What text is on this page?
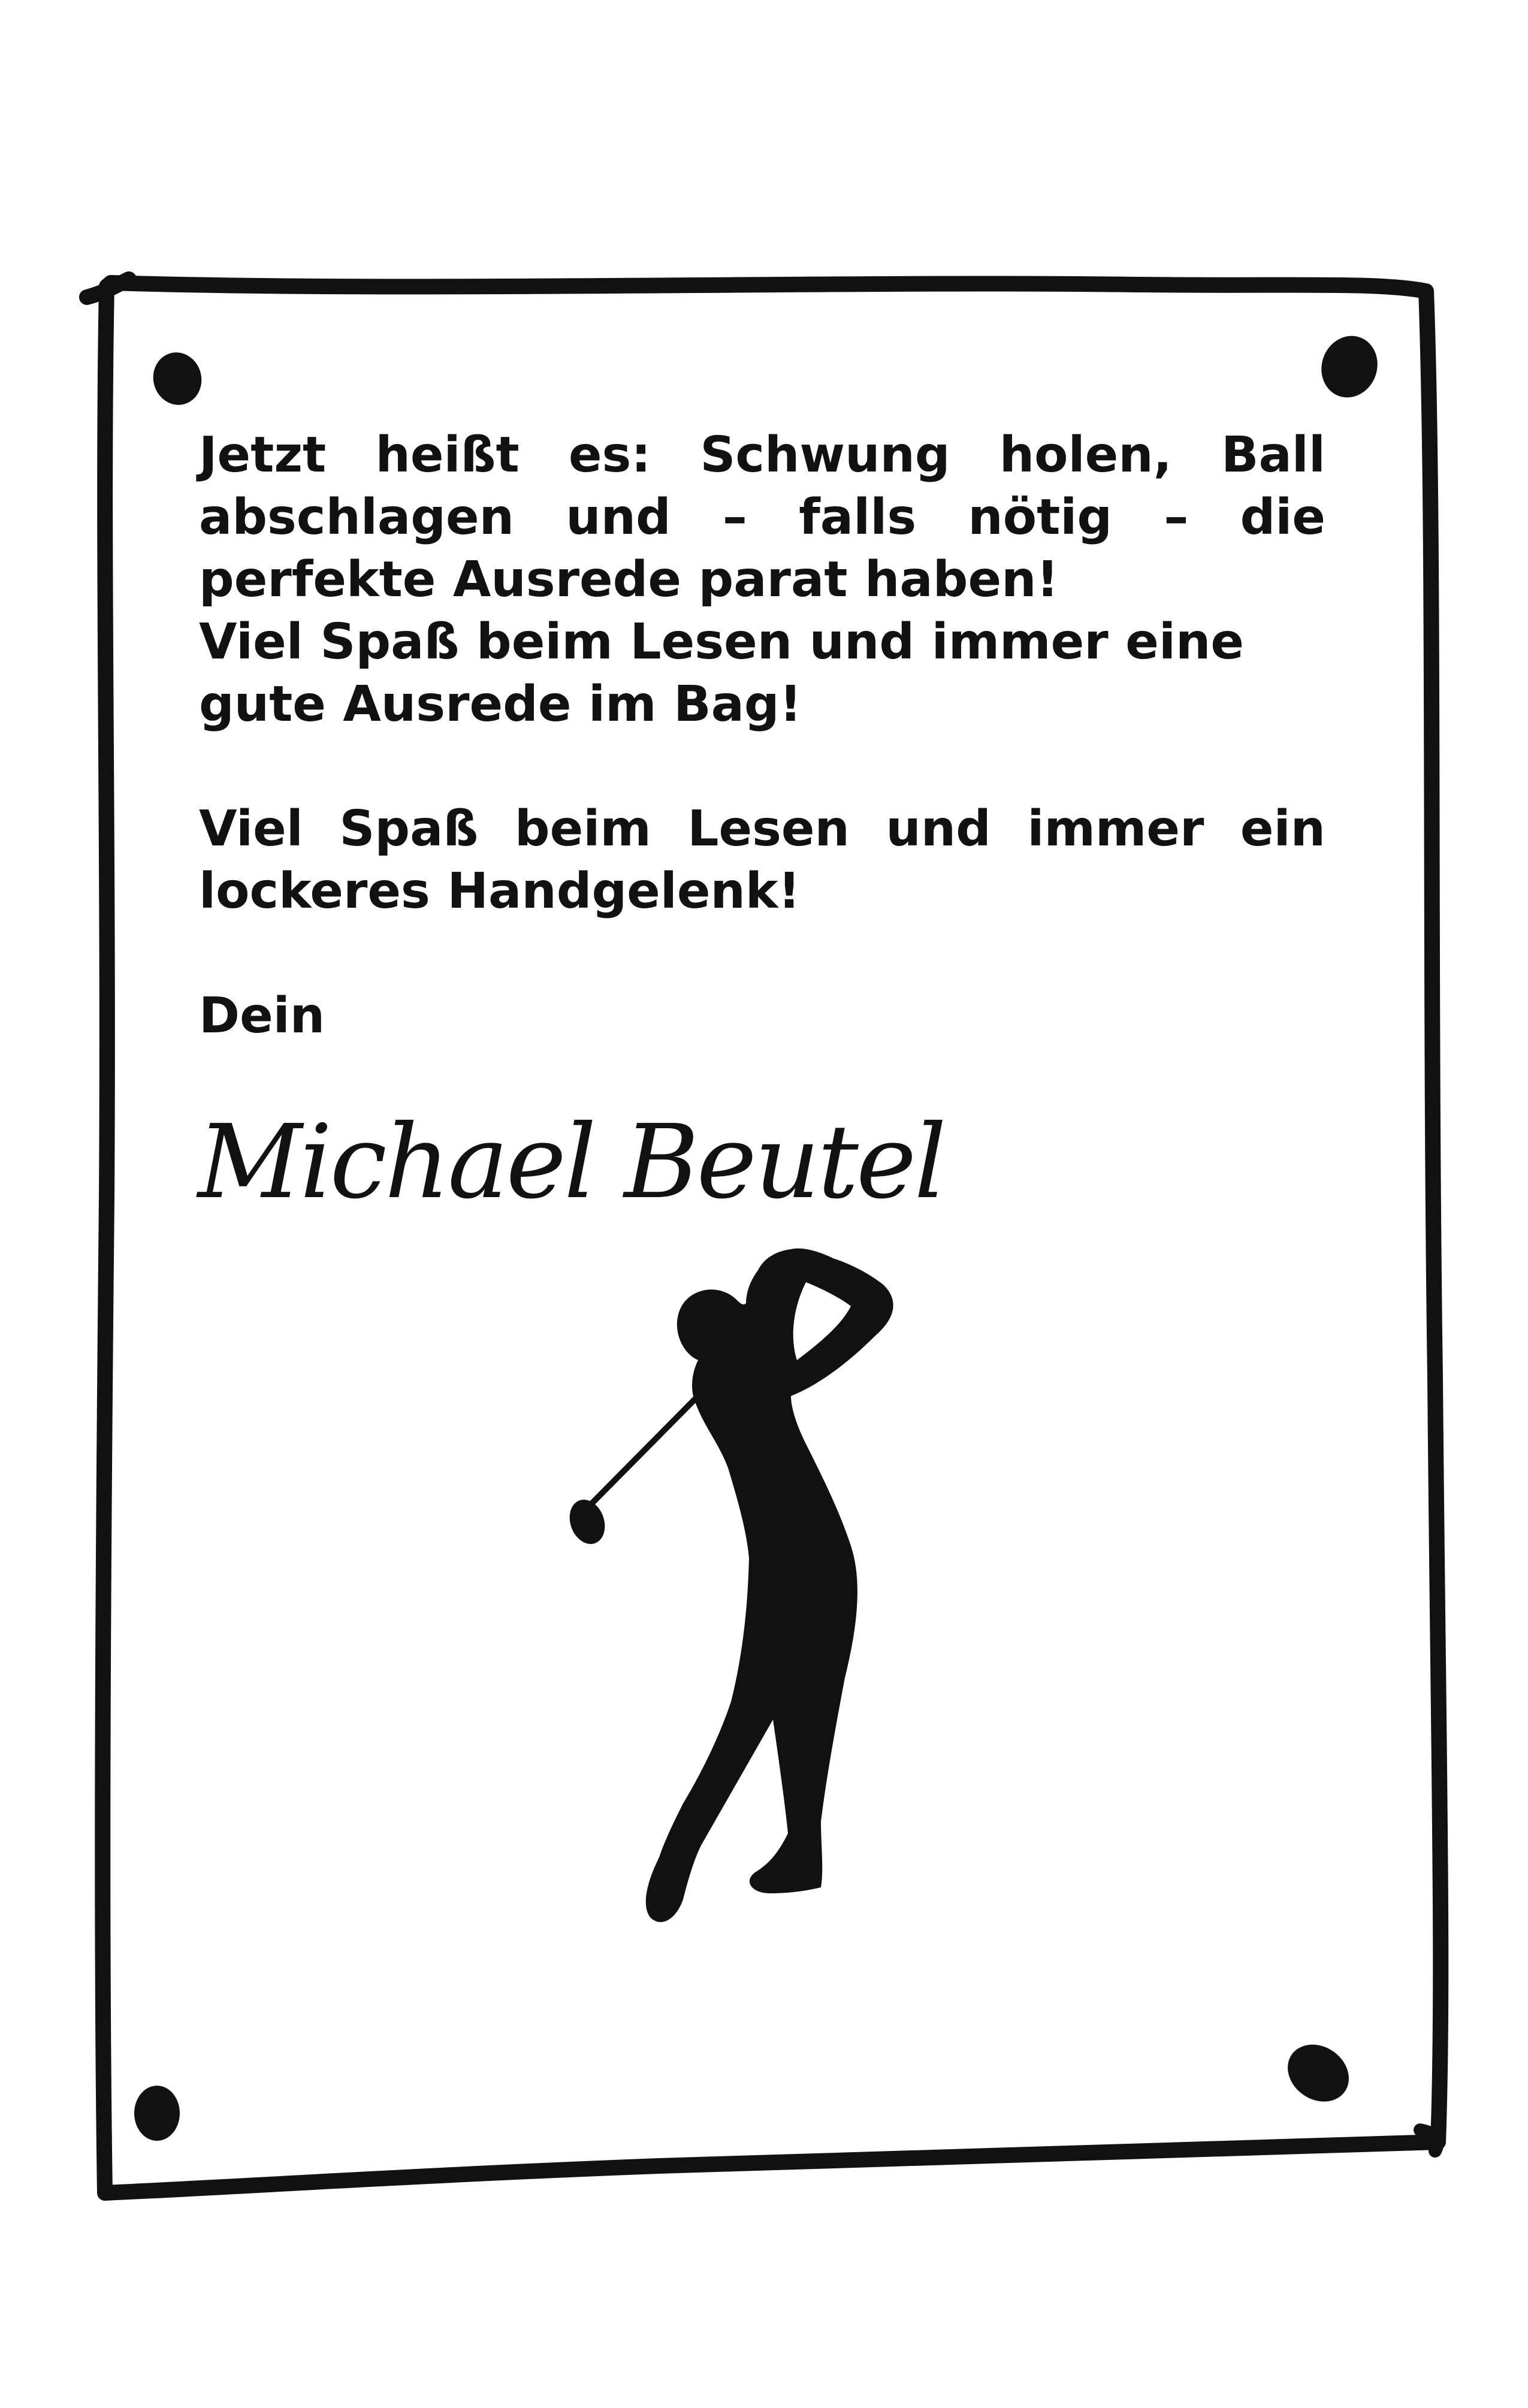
Jetzt heißt es: Schwung holen, Ball abschlagen und – falls nötig – die perfekte Ausrede parat haben!

Viel Spaß beim Lesen und immer eine gute Ausrede im Bag!

Viel Spaß beim Lesen und immer ein lockeres Handgelenk!

Dein

Michael Beutel
